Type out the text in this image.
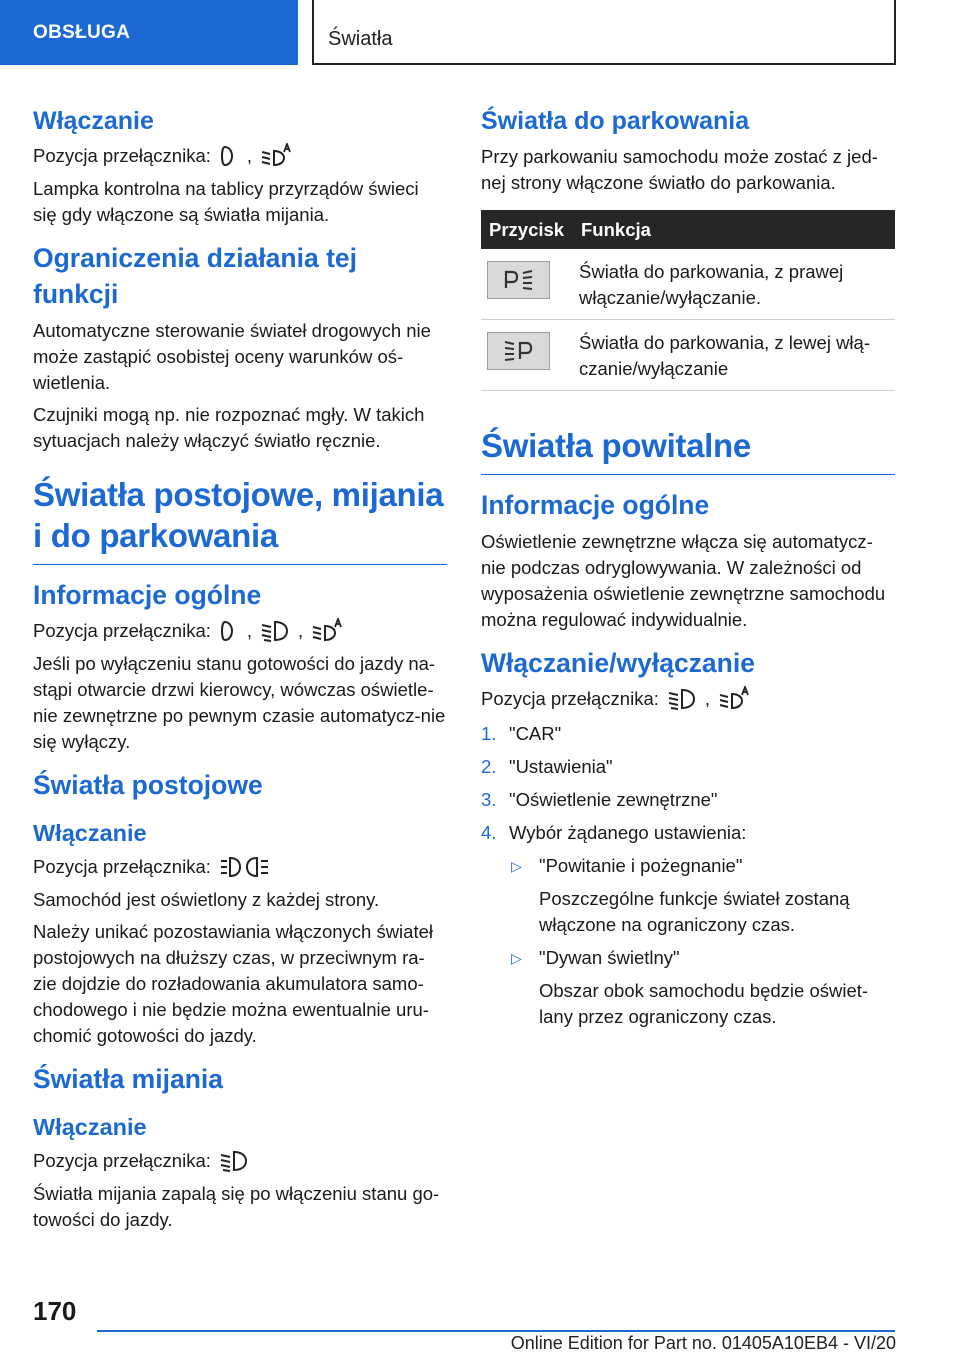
OBSŁUGA	Światła
Włączanie
Pozycja przełącznika: ,

Lampka kontrolna na tablicy przyrządów świeci się gdy włączone są światła mijania.

Ograniczenia działania tej funkcji

Automatyczne sterowanie świateł drogowych nie może zastąpić osobistej oceny warunków oś-wietlenia.

Czujniki mogą np. nie rozpoznać mgły. W takich sytuacjach należy włączyć światło ręcznie.

Światła postojowe, mijania i do parkowania
Informacje ogólne
Pozycja przełącznika: , ,

Jeśli po wyłączeniu stanu gotowości do jazdy na-stąpi otwarcie drzwi kierowcy, wówczas oświetle-nie zewnętrzne po pewnym czasie automatycz-nie się wyłączy.

Światła postojowe
Włączanie
Pozycja przełącznika:

Samochód jest oświetlony z każdej strony.

Należy unikać pozostawiania włączonych świateł postojowych na dłuższy czas, w przeciwnym ra-zie dojdzie do rozładowania akumulatora samo-chodowego i nie będzie można ewentualnie uru-chomić gotowości do jazdy.

Światła mijania
Włączanie
Pozycja przełącznika:

Światła mijania zapalą się po włączeniu stanu go-towości do jazdy.

Światła do parkowania

Przy parkowaniu samochodu może zostać z jed-nej strony włączone światło do parkowania.

Przycisk	Funkcja

	Światła do parkowania, z prawej włączanie/wyłączanie.

	Światła do parkowania, z lewej włą-czanie/wyłączanie
Światła powitalne
Informacje ogólne

Oświetlenie zewnętrzne włącza się automatycz-nie podczas odryglowywania. W zależności od wyposażenia oświetlenie zewnętrzne samochodu można regulować indywidualnie.

Włączanie/wyłączanie
Pozycja przełącznika: ,
1. "CAR"
2. "Ustawienia"
3. "Oświetlenie zewnętrzne"
4. Wybór żądanego ustawienia:
▷ "Powitanie i pożegnanie"
Poszczególne funkcje świateł zostaną włączone na ograniczony czas.
▷ "Dywan świetlny"
Obszar obok samochodu będzie oświet-lany przez ograniczony czas.
170
Online Edition for Part no. 01405A10EB4 - VI/20
